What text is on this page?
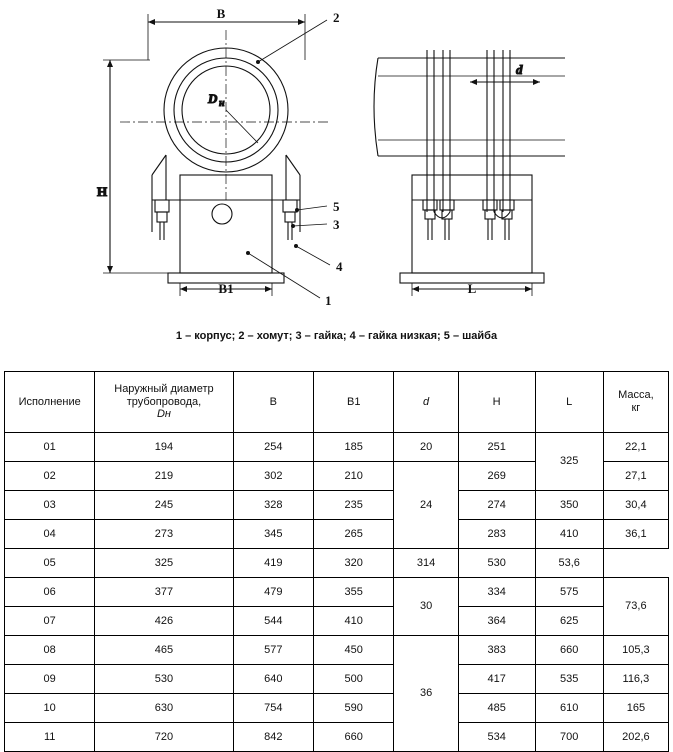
D н
H
d
B
B1	L
2
5
3
4
1
1 – корпус; 2 – хомут; 3 – гайка; 4 – гайка низкая; 5 – шайба
Исполнение	Наружный диаметр
трубопровода,
Dн	B	B1	d	H	L	Масса,
кг
01	194	254	185	20	251	325	22,1
02	219	302	210	24	269		27,1
03	245	328	235		274	350	30,4
04	273	345	265		283	410	36,1
05	325	419	320	314	530	53,6	
06	377	479	355	30	334	575	73,6
07	426	544	410		364	625	
08	465	577	450	36	383	660	105,3
09	530	640	500		417	535	116,3
10	630	754	590		485	610	165
11	720	842	660		534	700	202,6
